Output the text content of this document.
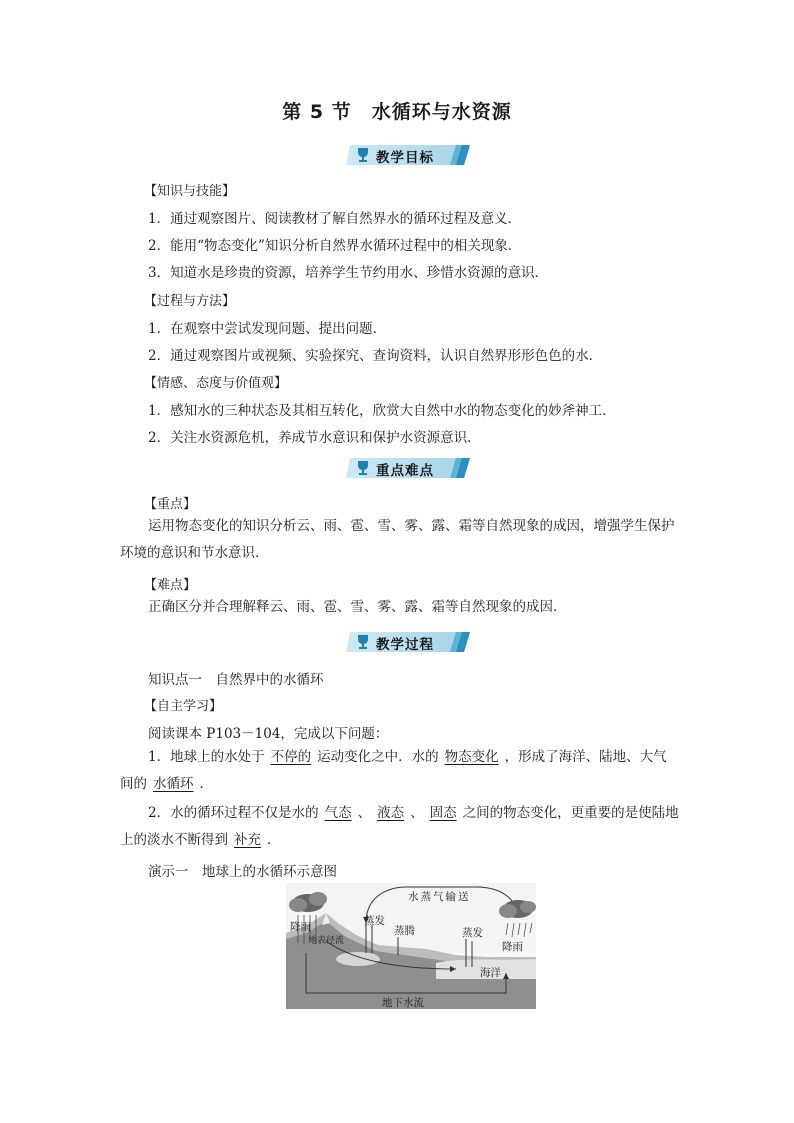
第 5 节　水循环与水资源
教学目标
【知识与技能】
1．通过观察图片、阅读教材了解自然界水的循环过程及意义．
2．能用“物态变化”知识分析自然界水循环过程中的相关现象．
3．知道水是珍贵的资源，培养学生节约用水、珍惜水资源的意识．
【过程与方法】
1．在观察中尝试发现问题、提出问题．
2．通过观察图片或视频、实验探究、查询资料，认识自然界形形色色的水．
【情感、态度与价值观】
1．感知水的三种状态及其相互转化，欣赏大自然中水的物态变化的妙斧神工．
2．关注水资源危机，养成节水意识和保护水资源意识．
重点难点
【重点】
运用物态变化的知识分析云、雨、雹、雪、雾、露、霜等自然现象的成因，增强学生保护环境的意识和节水意识．
【难点】
正确区分并合理解释云、雨、雹、雪、雾、露、霜等自然现象的成因．
教学过程
知识点一　自然界中的水循环
【自主学习】
阅读课本 P103－104，完成以下问题：
1．地球上的水处于 不停的 运动变化之中．水的 物态变化 ，形成了海洋、陆地、大气间的 水循环 ．
2．水的循环过程不仅是水的 气态 、 液态 、 固态 之间的物态变化，更重要的是使陆地上的淡水不断得到 补充 ．
演示一　地球上的水循环示意图
水蒸气输送
降雨	蒸发
蒸腾	蒸发
降雨
地表径流
海洋
地下水流
